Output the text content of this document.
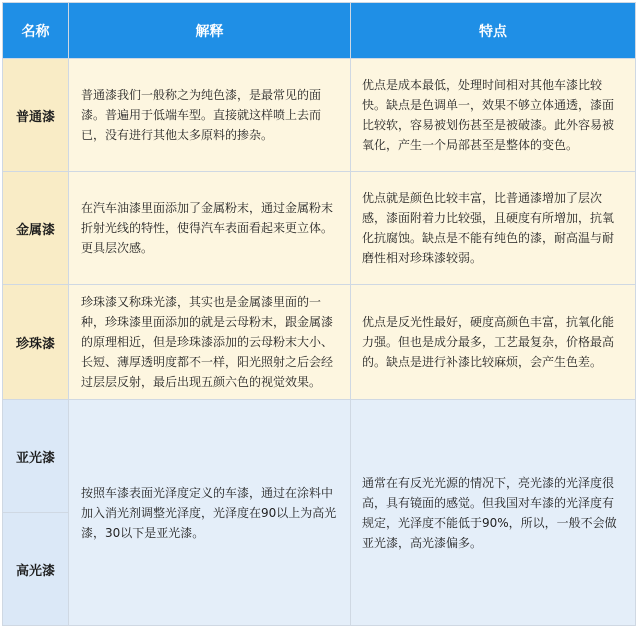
名称	解释	特点
普通漆	普通漆我们一般称之为纯色漆，是最常见的面漆。普遍用于低端车型。直接就这样喷上去而已，没有进行其他太多原料的掺杂。	优点是成本最低，处理时间相对其他车漆比较快。缺点是色调单一，效果不够立体通透，漆面比较软，容易被划伤甚至是被破漆。此外容易被氧化，产生一个局部甚至是整体的变色。

金属漆	在汽车油漆里面添加了金属粉末，通过金属粉末折射光线的特性，使得汽车表面看起来更立体。更具层次感。	优点就是颜色比较丰富，比普通漆增加了层次感，漆面附着力比较强，且硬度有所增加，抗氧化抗腐蚀。缺点是不能有纯色的漆，耐高温与耐磨性相对珍珠漆较弱。

珍珠漆	珍珠漆又称珠光漆，其实也是金属漆里面的一种，珍珠漆里面添加的就是云母粉末，跟金属漆的原理相近，但是珍珠漆添加的云母粉末大小、长短、薄厚透明度都不一样，阳光照射之后会经过层层反射，最后出现五颜六色的视觉效果。	优点是反光性最好，硬度高颜色丰富，抗氧化能力强。但也是成分最多，工艺最复杂，价格最高的。缺点是进行补漆比较麻烦，会产生色差。

亚光漆	按照车漆表面光泽度定义的车漆，通过在涂料中加入消光剂调整光泽度，光泽度在90以上为高光漆，30以下是亚光漆。	通常在有反光光源的情况下，亮光漆的光泽度很高，具有镜面的感觉。但我国对车漆的光泽度有规定，光泽度不能低于90%，所以，一般不会做亚光漆，高光漆偏多。

高光漆		
